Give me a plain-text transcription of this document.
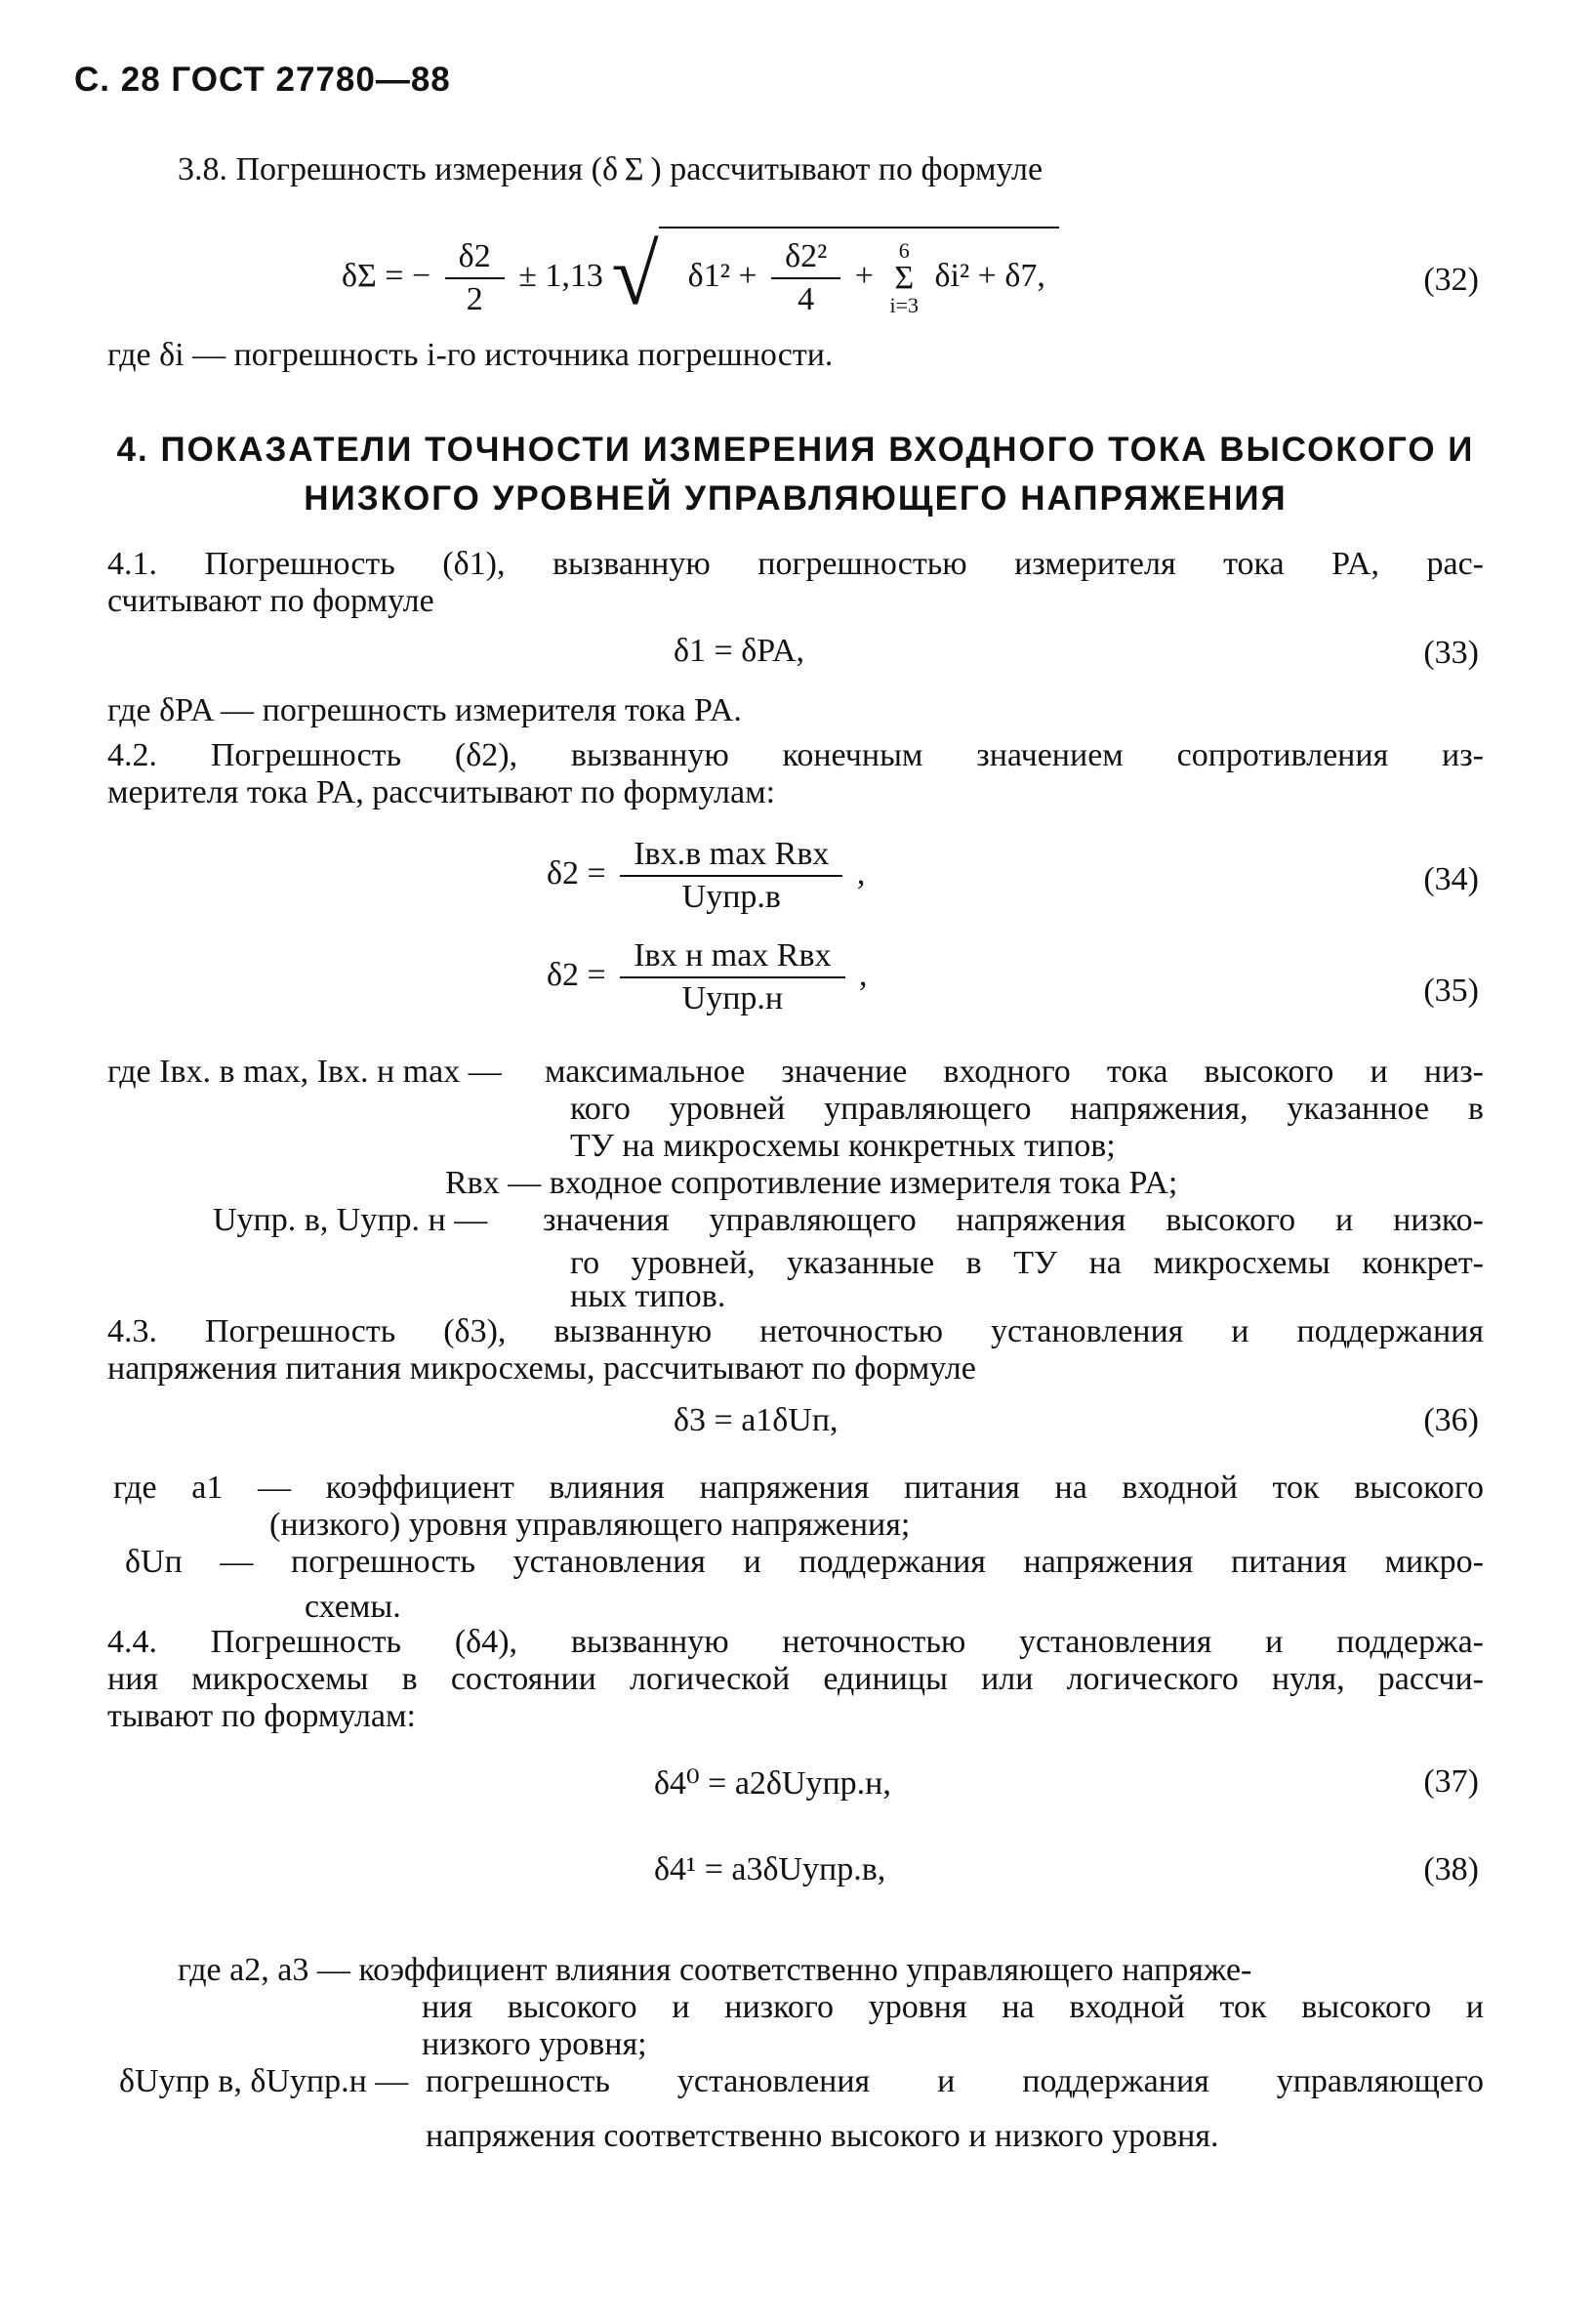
С. 28 ГОСТ 27780—88
3.8. Погрешность измерения (δ Σ ) рассчитывают по формуле
δΣ = − $\frac{\delta 2}{2} \pm 1,13$ √ $\delta 1^2 + \frac{\text{δ2²}}{4} + 6$
Σ
i=3 δi² + δ7,	(32)
где δi — погрешность i-го источника погрешности.
4. ПОКАЗАТЕЛИ ТОЧНОСТИ ИЗМЕРЕНИЯ ВХОДНОГО ТОКА ВЫСОКОГО И НИЗКОГО УРОВНЕЙ УПРАВЛЯЮЩЕГО НАПРЯЖЕНИЯ
4.1. Погрешность (δ1), вызванную погрешностью измерителя тока PA, рас-
считывают по формуле
δ1 = δPA,	(33)
где δPA — погрешность измерителя тока PA.
4.2. Погрешность (δ2), вызванную конечным значением сопротивления из-
мерителя тока PA, рассчитывают по формулам:
$\delta 2 = \frac{\text{Iвх.в max Rвх}}{\text{Uупр.в}}$ ,	(34)
$\delta 2 = \frac{\text{Iвх н max Rвх}}{\text{Uупр.н}}$ ,	(35)
где Iвх. в max, Iвх. н max — максимальное значение входного тока высокого и низ-
кого уровней управляющего напряжения, указанное в
ТУ на микросхемы конкретных типов;
Rвх — входное сопротивление измерителя тока PA;
Uупр. в, Uупр. н — значения управляющего напряжения высокого и низко-
го уровней, указанные в ТУ на микросхемы конкрет-
ных типов.
4.3. Погрешность (δ3), вызванную неточностью установления и поддержания
напряжения питания микросхемы, рассчитывают по формуле
δ3 = a1δUп,	(36)
где a1 — коэффициент влияния напряжения питания на входной ток высокого
(низкого) уровня управляющего напряжения;
δUп — погрешность установления и поддержания напряжения питания микро-
схемы.
4.4. Погрешность (δ4), вызванную неточностью установления и поддержа-
ния микросхемы в состоянии логической единицы или логического нуля, рассчи-
тывают по формулам:
δ4⁰ = a2δUупр.н,	(37)
δ4¹ = a3δUупр.в,	(38)
где a2, a3 — коэффициент влияния соответственно управляющего напряже-
ния высокого и низкого уровня на входной ток высокого и
низкого уровня;
δUупр в, δUупр.н — погрешность установления и поддержания управляющего
напряжения соответственно высокого и низкого уровня.
